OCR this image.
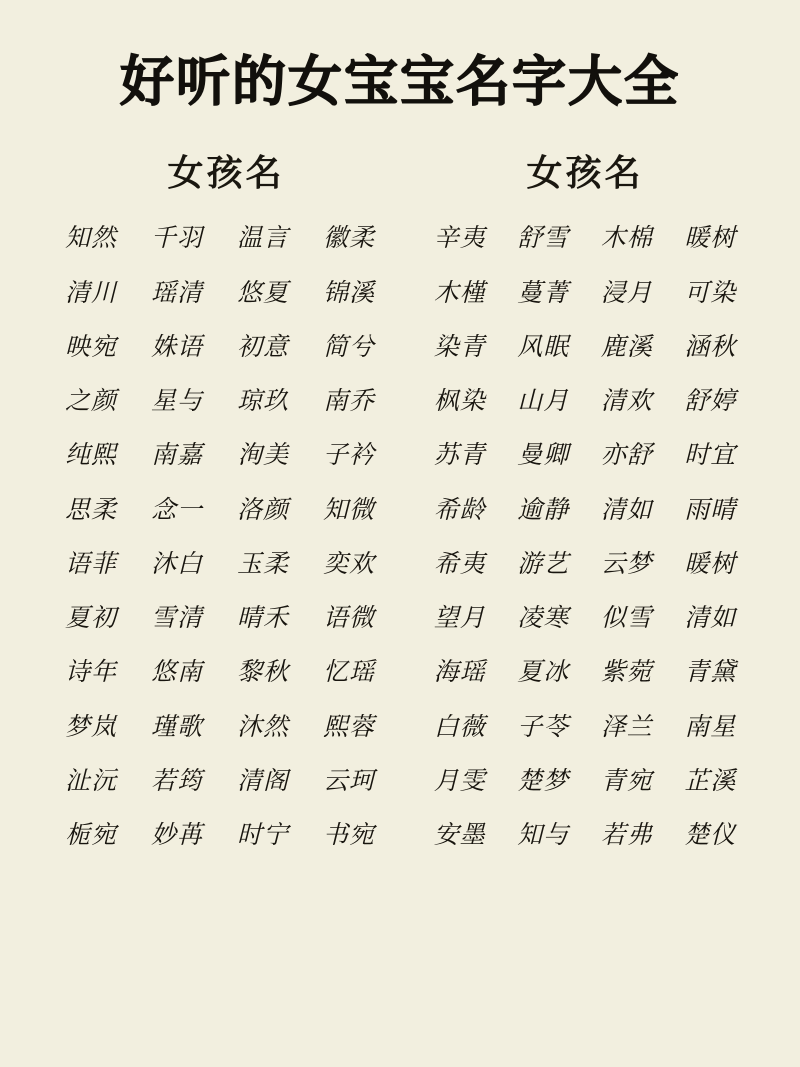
好听的女宝宝名字大全
女孩名
知然	千羽	温言	徽柔
清川	瑶清	悠夏	锦溪
映宛	姝语	初意	简兮
之颜	星与	琼玖	南乔
纯熙	南嘉	洵美	子衿
思柔	念一	洛颜	知微
语菲	沐白	玉柔	奕欢
夏初	雪清	晴禾	语微
诗年	悠南	黎秋	忆瑶
梦岚	瑾歌	沐然	熙蓉
沚沅	若筠	清阁	云珂
栀宛	妙苒	时宁	书宛
女孩名
辛夷	舒雪	木棉	暖树
木槿	蔓菁	浸月	可染
染青	风眠	鹿溪	涵秋
枫染	山月	清欢	舒婷
苏青	曼卿	亦舒	时宜
希龄	逾静	清如	雨晴
希夷	游艺	云梦	暖树
望月	凌寒	似雪	清如
海瑶	夏冰	紫菀	青黛
白薇	子苓	泽兰	南星
月雯	楚梦	青宛	芷溪
安墨	知与	若弗	楚仪
